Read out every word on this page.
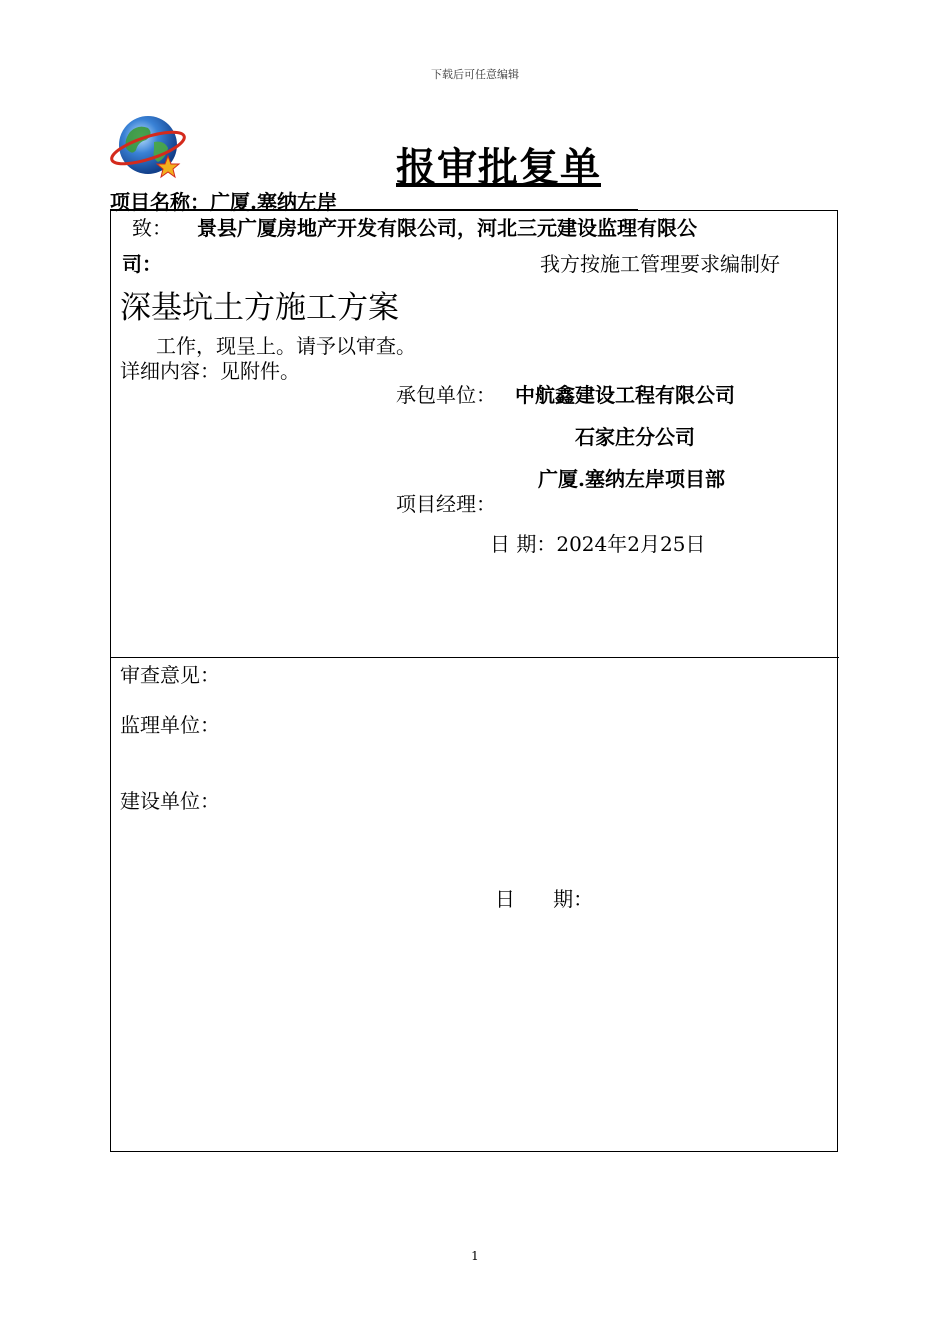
下载后可任意编辑
报审批复单
项目名称：广厦.塞纳左岸
致： 景县广厦房地产开发有限公司，河北三元建设监理有限公
司：	我方按施工管理要求编制好
深基坑土方施工方案
工作，现呈上。请予以审查。
详细内容：见附件。
承包单位： 中航鑫建设工程有限公司
石家庄分公司
广厦.塞纳左岸项目部
项目经理：
日 期：2024年2月25日
审查意见：
监理单位：
建设单位：
日      期：
1
